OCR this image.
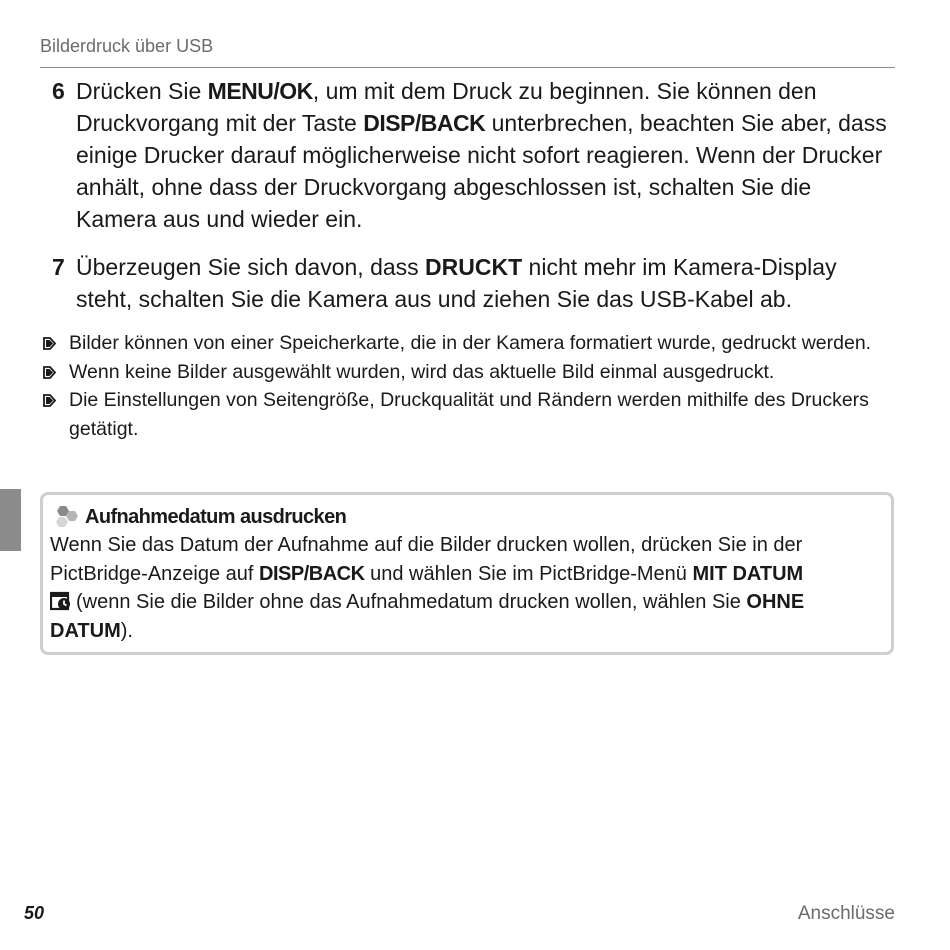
Bilderdruck über USB
6 Drücken Sie MENU/OK, um mit dem Druck zu beginnen. Sie können den Druckvorgang mit der Taste DISP/BACK unterbrechen, beachten Sie aber, dass einige Drucker darauf möglicherweise nicht sofort reagieren. Wenn der Drucker anhält, ohne dass der Druckvorgang abgeschlossen ist, schalten Sie die Kamera aus und wieder ein.
7 Überzeugen Sie sich davon, dass DRUCKT nicht mehr im Kamera-Display steht, schalten Sie die Kamera aus und ziehen Sie das USB-Kabel ab.
Bilder können von einer Speicherkarte, die in der Kamera formatiert wurde, gedruckt werden.
Wenn keine Bilder ausgewählt wurden, wird das aktuelle Bild einmal ausgedruckt.
Die Einstellungen von Seitengröße, Druckqualität und Rändern werden mithilfe des Druckers getätigt.
Aufnahmedatum ausdrucken
Wenn Sie das Datum der Aufnahme auf die Bilder drucken wollen, drücken Sie in der PictBridge-Anzeige auf DISP/BACK und wählen Sie im PictBridge-Menü MIT DATUM
(wenn Sie die Bilder ohne das Aufnahmedatum drucken wollen, wählen Sie OHNE DATUM).
50	Anschlüsse
